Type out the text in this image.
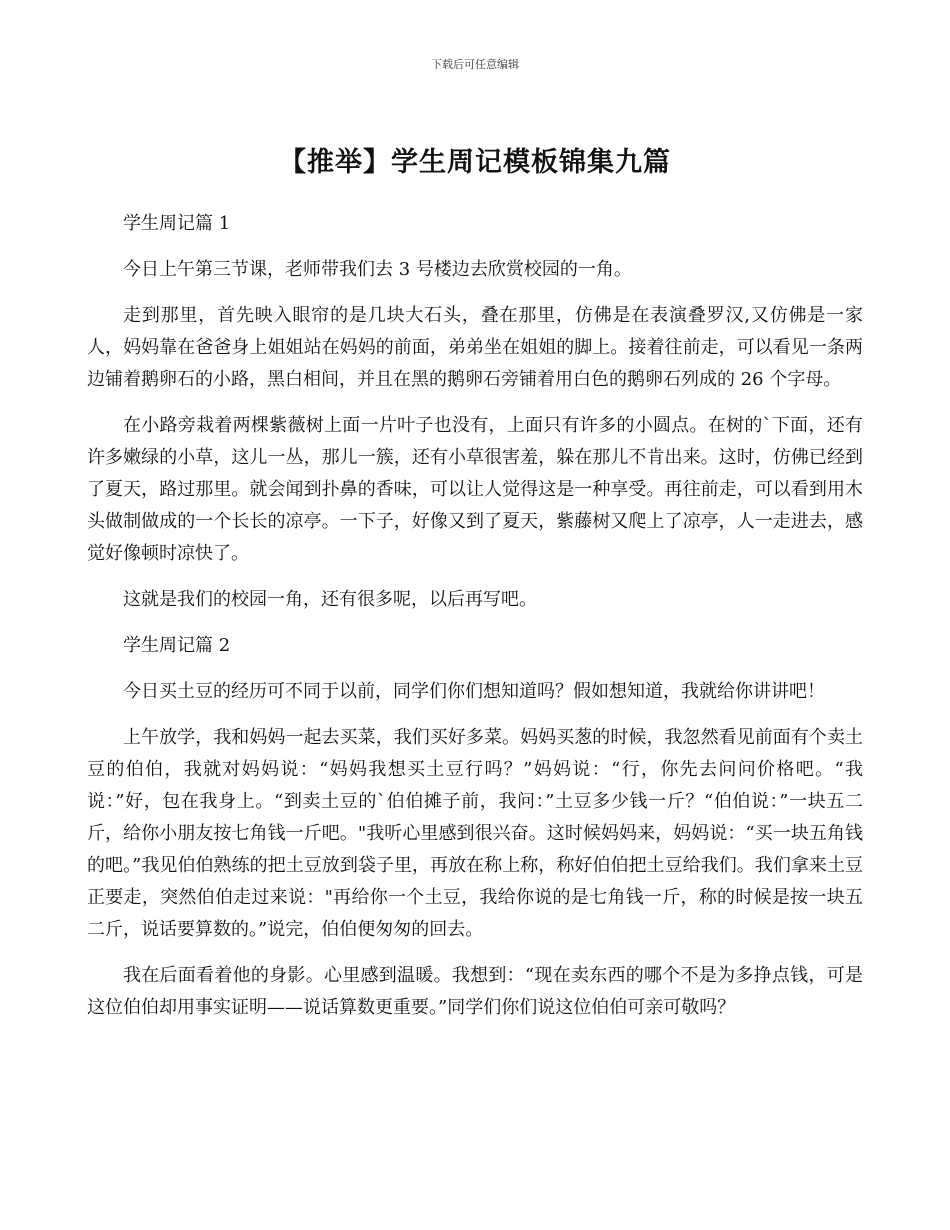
下载后可任意编辑
【推举】学生周记模板锦集九篇

学生周记篇 1

今日上午第三节课，老师带我们去 3 号楼边去欣赏校园的一角。

走到那里，首先映入眼帘的是几块大石头，叠在那里，仿佛是在表演叠罗汉,又仿佛是一家人，妈妈靠在爸爸身上姐姐站在妈妈的前面，弟弟坐在姐姐的脚上。接着往前走，可以看见一条两边铺着鹅卵石的小路，黑白相间，并且在黑的鹅卵石旁铺着用白色的鹅卵石列成的 26 个字母。

在小路旁栽着两棵紫薇树上面一片叶子也没有，上面只有许多的小圆点。在树的`下面，还有许多嫩绿的小草，这儿一丛，那儿一簇，还有小草很害羞，躲在那儿不肯出来。这时，仿佛已经到了夏天，路过那里。就会闻到扑鼻的香味，可以让人觉得这是一种享受。再往前走，可以看到用木头做制做成的一个长长的凉亭。一下子，好像又到了夏天，紫藤树又爬上了凉亭，人一走进去，感觉好像顿时凉快了。

这就是我们的校园一角，还有很多呢，以后再写吧。

学生周记篇 2

今日买土豆的经历可不同于以前，同学们你们想知道吗？假如想知道，我就给你讲讲吧！

上午放学，我和妈妈一起去买菜，我们买好多菜。妈妈买葱的时候，我忽然看见前面有个卖土豆的伯伯，我就对妈妈说：“妈妈我想买土豆行吗？”妈妈说：“行，你先去问问价格吧。“我说：”好，包在我身上。“到卖土豆的`伯伯摊子前，我问：”土豆多少钱一斤？“伯伯说：”一块五二斤，给你小朋友按七角钱一斤吧。"我听心里感到很兴奋。这时候妈妈来，妈妈说：“买一块五角钱的吧。”我见伯伯熟练的把土豆放到袋子里，再放在称上称，称好伯伯把土豆给我们。我们拿来土豆正要走，突然伯伯走过来说："再给你一个土豆，我给你说的是七角钱一斤，称的时候是按一块五二斤，说话要算数的。”说完，伯伯便匆匆的回去。

我在后面看着他的身影。心里感到温暖。我想到：“现在卖东西的哪个不是为多挣点钱，可是这位伯伯却用事实证明——说话算数更重要。”同学们你们说这位伯伯可亲可敬吗？
